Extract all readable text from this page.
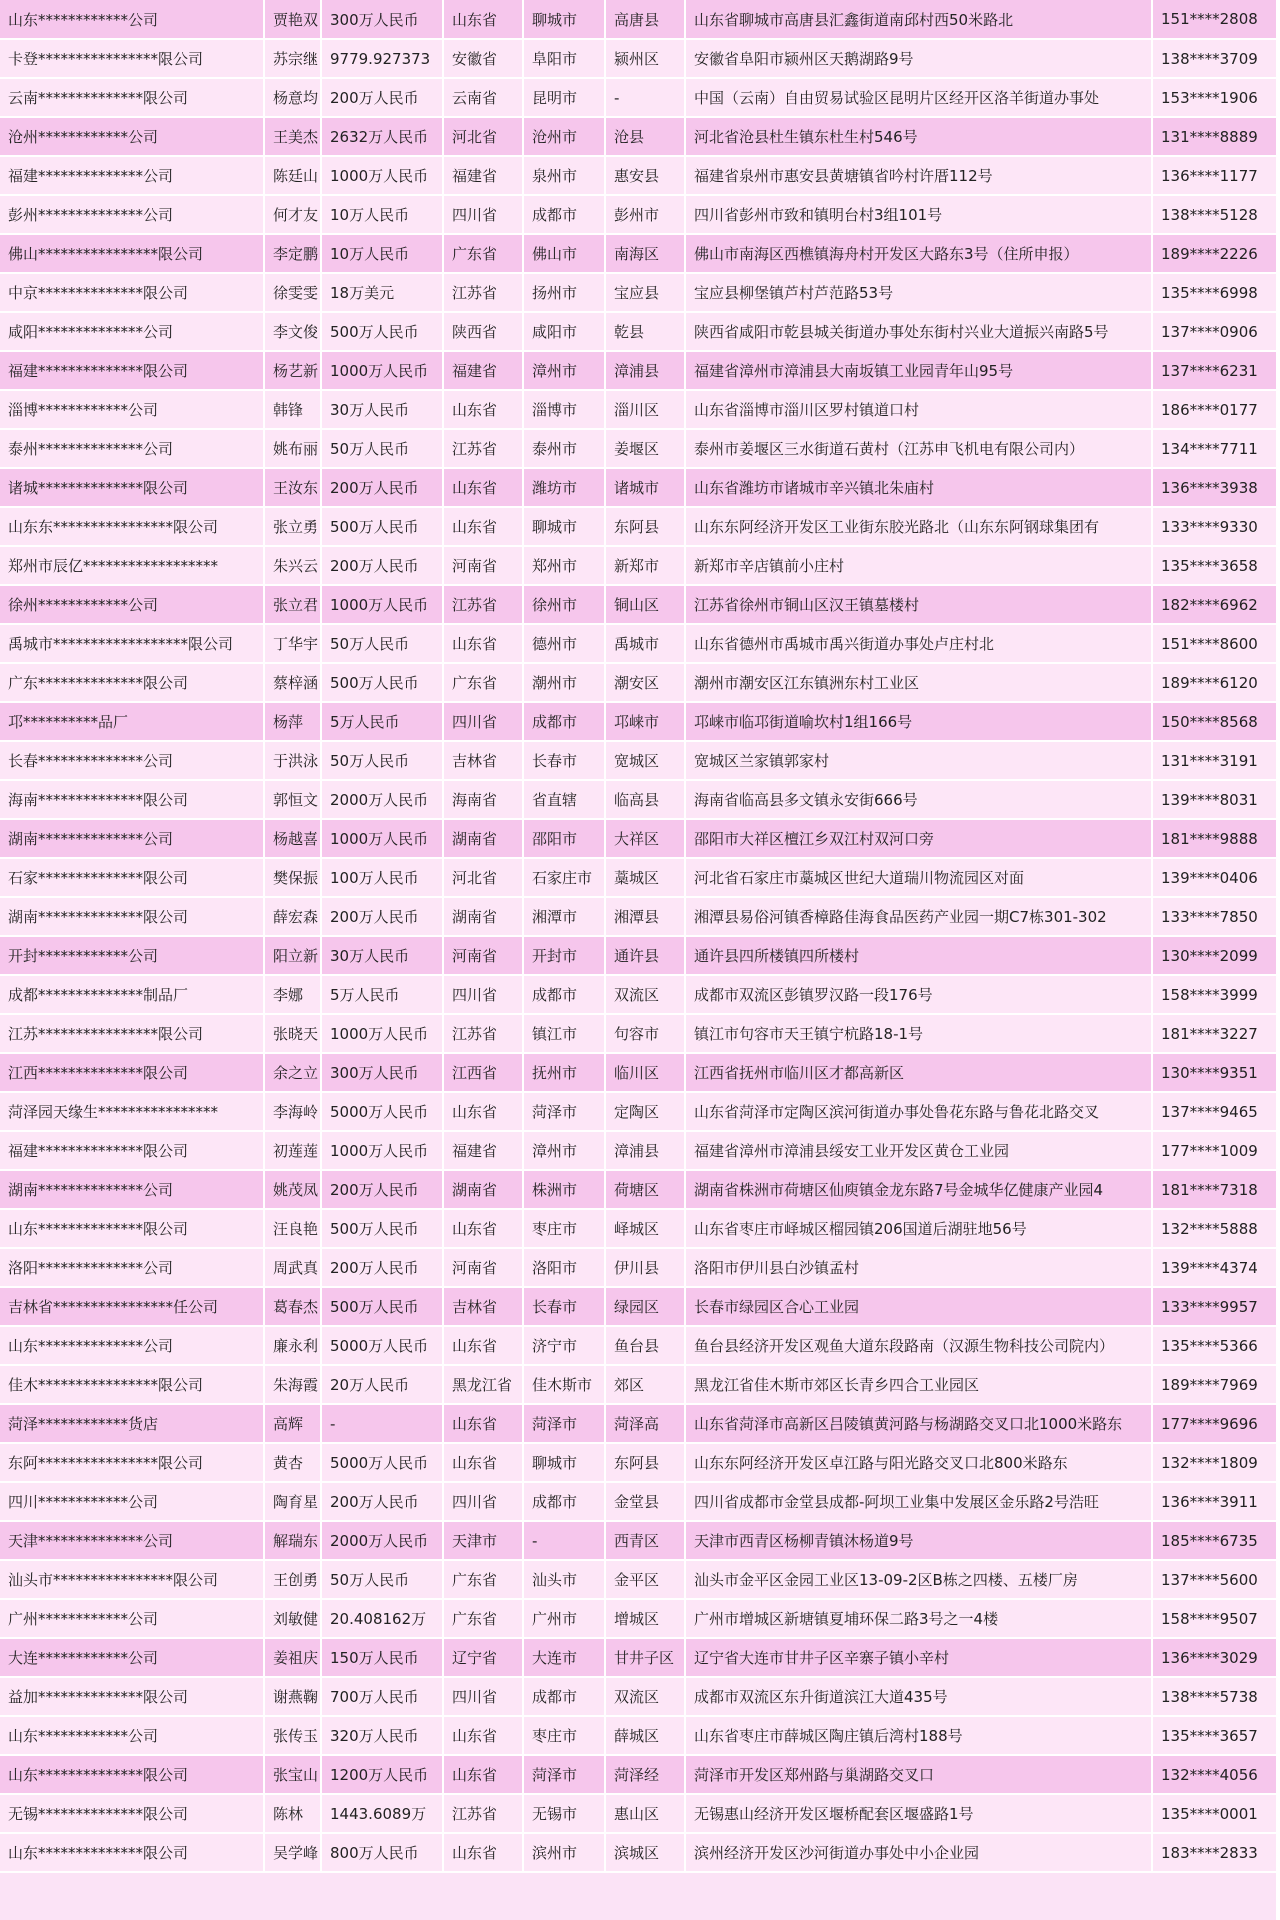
山东************公司	贾艳双	300万人民币	山东省	聊城市	高唐县	山东省聊城市高唐县汇鑫街道南邱村西50米路北	151****2808
卡登****************限公司	苏宗继	9779.927373	安徽省	阜阳市	颍州区	安徽省阜阳市颍州区天鹅湖路9号	138****3709
云南**************限公司	杨意均	200万人民币	云南省	昆明市	-	中国（云南）自由贸易试验区昆明片区经开区洛羊街道办事处	153****1906
沧州************公司	王美杰	2632万人民币	河北省	沧州市	沧县	河北省沧县杜生镇东杜生村546号	131****8889
福建**************公司	陈廷山	1000万人民币	福建省	泉州市	惠安县	福建省泉州市惠安县黄塘镇省吟村许厝112号	136****1177
彭州**************公司	何才友	10万人民币	四川省	成都市	彭州市	四川省彭州市致和镇明台村3组101号	138****5128
佛山****************限公司	李定鹏	10万人民币	广东省	佛山市	南海区	佛山市南海区西樵镇海舟村开发区大路东3号（住所申报）	189****2226
中京**************限公司	徐雯雯	18万美元	江苏省	扬州市	宝应县	宝应县柳堡镇芦村芦范路53号	135****6998
咸阳**************公司	李文俊	500万人民币	陕西省	咸阳市	乾县	陕西省咸阳市乾县城关街道办事处东街村兴业大道振兴南路5号	137****0906
福建**************限公司	杨艺新	1000万人民币	福建省	漳州市	漳浦县	福建省漳州市漳浦县大南坂镇工业园青年山95号	137****6231
淄博************公司	韩锋	30万人民币	山东省	淄博市	淄川区	山东省淄博市淄川区罗村镇道口村	186****0177
泰州**************公司	姚布丽	50万人民币	江苏省	泰州市	姜堰区	泰州市姜堰区三水街道石黄村（江苏申飞机电有限公司内）	134****7711
诸城**************限公司	王汝东	200万人民币	山东省	潍坊市	诸城市	山东省潍坊市诸城市辛兴镇北朱庙村	136****3938
山东东****************限公司	张立勇	500万人民币	山东省	聊城市	东阿县	山东东阿经济开发区工业街东胶光路北（山东东阿钢球集团有	133****9330
郑州市辰亿******************	朱兴云	200万人民币	河南省	郑州市	新郑市	新郑市辛店镇前小庄村	135****3658
徐州************公司	张立君	1000万人民币	江苏省	徐州市	铜山区	江苏省徐州市铜山区汉王镇墓楼村	182****6962
禹城市******************限公司	丁华宇	50万人民币	山东省	德州市	禹城市	山东省德州市禹城市禹兴街道办事处卢庄村北	151****8600
广东**************限公司	蔡梓涵	500万人民币	广东省	潮州市	潮安区	潮州市潮安区江东镇洲东村工业区	189****6120
邛**********品厂	杨萍	5万人民币	四川省	成都市	邛崃市	邛崃市临邛街道喻坎村1组166号	150****8568
长春**************公司	于洪泳	50万人民币	吉林省	长春市	宽城区	宽城区兰家镇郭家村	131****3191
海南**************限公司	郭恒文	2000万人民币	海南省	省直辖	临高县	海南省临高县多文镇永安街666号	139****8031
湖南**************公司	杨越喜	1000万人民币	湖南省	邵阳市	大祥区	邵阳市大祥区檀江乡双江村双河口旁	181****9888
石家**************限公司	樊保振	100万人民币	河北省	石家庄市	藁城区	河北省石家庄市藁城区世纪大道瑞川物流园区对面	139****0406
湖南**************限公司	薛宏森	200万人民币	湖南省	湘潭市	湘潭县	湘潭县易俗河镇香樟路佳海食品医药产业园一期C7栋301-302	133****7850
开封************公司	阳立新	30万人民币	河南省	开封市	通许县	通许县四所楼镇四所楼村	130****2099
成都**************制品厂	李娜	5万人民币	四川省	成都市	双流区	成都市双流区彭镇罗汉路一段176号	158****3999
江苏****************限公司	张晓天	1000万人民币	江苏省	镇江市	句容市	镇江市句容市天王镇宁杭路18-1号	181****3227
江西**************限公司	余之立	300万人民币	江西省	抚州市	临川区	江西省抚州市临川区才都高新区	130****9351
菏泽园天缘生****************	李海岭	5000万人民币	山东省	菏泽市	定陶区	山东省菏泽市定陶区滨河街道办事处鲁花东路与鲁花北路交叉	137****9465
福建**************限公司	初莲莲	1000万人民币	福建省	漳州市	漳浦县	福建省漳州市漳浦县绥安工业开发区黄仓工业园	177****1009
湖南**************公司	姚茂凤	200万人民币	湖南省	株洲市	荷塘区	湖南省株洲市荷塘区仙庾镇金龙东路7号金城华亿健康产业园4	181****7318
山东**************限公司	汪良艳	500万人民币	山东省	枣庄市	峄城区	山东省枣庄市峄城区榴园镇206国道后湖驻地56号	132****5888
洛阳**************公司	周武真	200万人民币	河南省	洛阳市	伊川县	洛阳市伊川县白沙镇孟村	139****4374
吉林省****************任公司	葛春杰	500万人民币	吉林省	长春市	绿园区	长春市绿园区合心工业园	133****9957
山东**************公司	廉永利	5000万人民币	山东省	济宁市	鱼台县	鱼台县经济开发区观鱼大道东段路南（汉源生物科技公司院内）	135****5366
佳木****************限公司	朱海霞	20万人民币	黑龙江省	佳木斯市	郊区	黑龙江省佳木斯市郊区长青乡四合工业园区	189****7969
菏泽************货店	高辉	-	山东省	菏泽市	菏泽高	山东省菏泽市高新区吕陵镇黄河路与杨湖路交叉口北1000米路东	177****9696
东阿****************限公司	黄杏	5000万人民币	山东省	聊城市	东阿县	山东东阿经济开发区卓江路与阳光路交叉口北800米路东	132****1809
四川************公司	陶育星	200万人民币	四川省	成都市	金堂县	四川省成都市金堂县成都-阿坝工业集中发展区金乐路2号浩旺	136****3911
天津**************公司	解瑞东	2000万人民币	天津市	-	西青区	天津市西青区杨柳青镇沐杨道9号	185****6735
汕头市****************限公司	王创勇	50万人民币	广东省	汕头市	金平区	汕头市金平区金园工业区13-09-2区B栋之四楼、五楼厂房	137****5600
广州************公司	刘敏健	20.408162万	广东省	广州市	增城区	广州市增城区新塘镇夏埔环保二路3号之一4楼	158****9507
大连************公司	姜祖庆	150万人民币	辽宁省	大连市	甘井子区	辽宁省大连市甘井子区辛寨子镇小辛村	136****3029
益加**************限公司	谢燕鞠	700万人民币	四川省	成都市	双流区	成都市双流区东升街道滨江大道435号	138****5738
山东************公司	张传玉	320万人民币	山东省	枣庄市	薛城区	山东省枣庄市薛城区陶庄镇后湾村188号	135****3657
山东**************限公司	张宝山	1200万人民币	山东省	菏泽市	菏泽经	菏泽市开发区郑州路与巢湖路交叉口	132****4056
无锡**************限公司	陈林	1443.6089万	江苏省	无锡市	惠山区	无锡惠山经济开发区堰桥配套区堰盛路1号	135****0001
山东**************限公司	吴学峰	800万人民币	山东省	滨州市	滨城区	滨州经济开发区沙河街道办事处中小企业园	183****2833
